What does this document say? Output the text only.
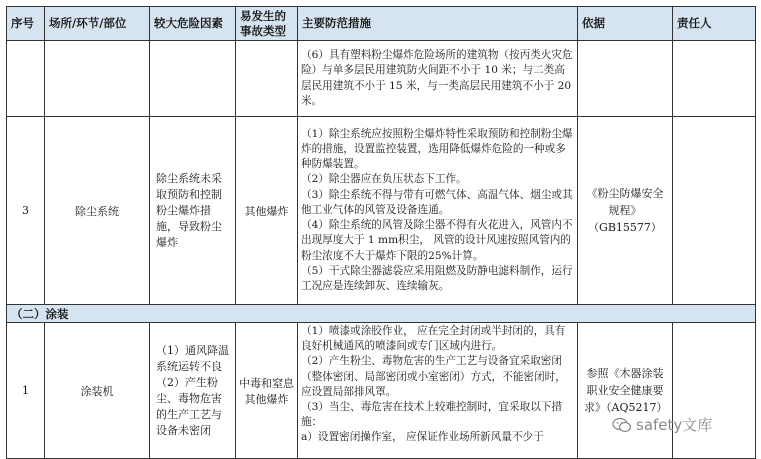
序号	场所/环节/部位	较大危险因素	易发生的事故类型	主要防范措施	依据	责任人
				（6）具有塑料粉尘爆炸危险场所的建筑物（按丙类火灾危险）与单多层民用建筑防火间距不小于 10 米；与二类高层民用建筑不小于 15 米，与一类高层民用建筑不小于 20 米。		
3	除尘系统	除尘系统未采取预防和控制粉尘爆炸措施，导致粉尘爆炸	其他爆炸	（1）除尘系统应按照粉尘爆炸特性采取预防和控制粉尘爆炸的措施，设置监控装置，选用降低爆炸危险的一种或多种防爆装置。
（2）除尘器应在负压状态下工作。
（3）除尘系统不得与带有可燃气体、高温气体、烟尘或其他工业气体的风管及设备连通。
（4）除尘系统的风管及除尘器不得有火花进入，风管内不出现厚度大于 1 mm积尘， 风管的设计风速按照风管内的粉尘浓度不大于爆炸下限的25%计算。
（5）干式除尘器滤袋应采用阻燃及防静电滤料制作，运行工况应是连续卸灰、连续输灰。	《粉尘防爆安全规程》（GB15577）	
（二）涂装						
1	涂装机	（1）通风降温系统运转不良（2）产生粉尘、毒物危害的生产工艺与设备未密闭	中毒和窒息其他爆炸	（1）喷漆或涂胶作业， 应在完全封闭或半封闭的，具有良好机械通风的喷漆间或专门区域内进行。
（2）产生粉尘、毒物危害的生产工艺与设备宜采取密闭（整体密闭、局部密闭或小室密闭）方式，不能密闭时，应设置局部排风罩。
（3）当尘、毒危害在技术上较难控制时，宜采取以下措施：
a）设置密闭操作室， 应保证作业场所新风量不少于	参照《木器涂装职业安全健康要求》（AQ5217）	
safety文库
